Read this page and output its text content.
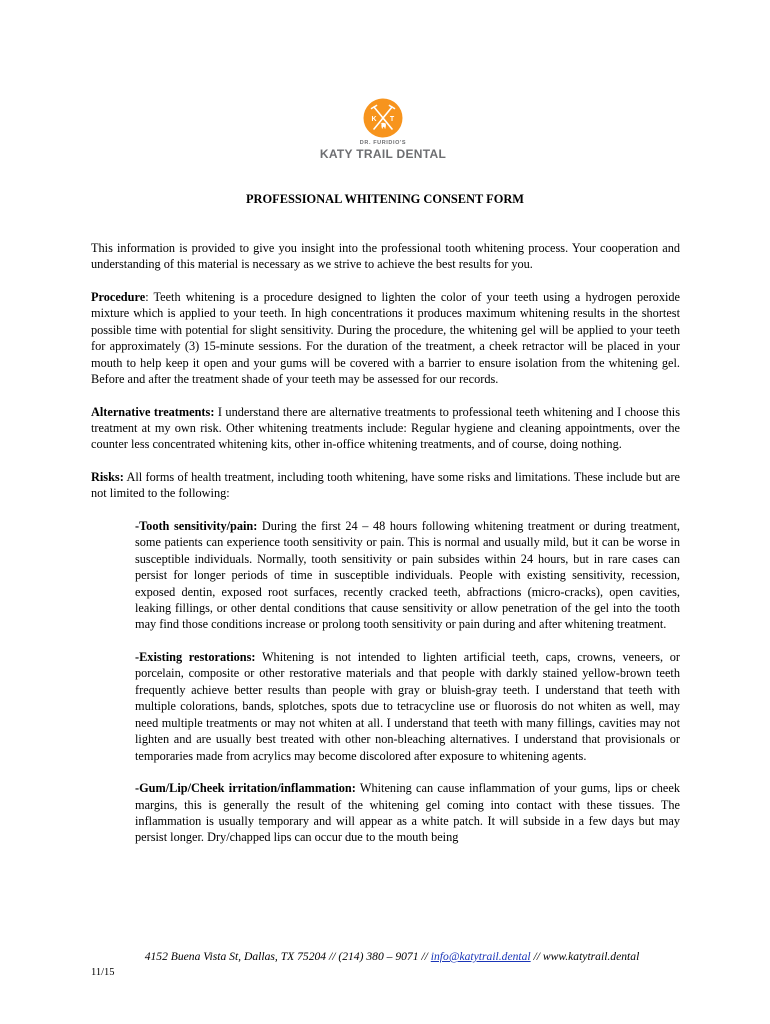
K T
DR. FURIDIO'S
KATY TRAIL DENTAL
PROFESSIONAL WHITENING CONSENT FORM

This information is provided to give you insight into the professional tooth whitening process. Your cooperation and understanding of this material is necessary as we strive to achieve the best results for you.

Procedure: Teeth whitening is a procedure designed to lighten the color of your teeth using a hydrogen peroxide mixture which is applied to your teeth. In high concentrations it produces maximum whitening results in the shortest possible time with potential for slight sensitivity. During the procedure, the whitening gel will be applied to your teeth for approximately (3) 15-minute sessions. For the duration of the treatment, a cheek retractor will be placed in your mouth to help keep it open and your gums will be covered with a barrier to ensure isolation from the whitening gel. Before and after the treatment shade of your teeth may be assessed for our records.

Alternative treatments: I understand there are alternative treatments to professional teeth whitening and I choose this treatment at my own risk. Other whitening treatments include: Regular hygiene and cleaning appointments, over the counter less concentrated whitening kits, other in-office whitening treatments, and of course, doing nothing.

Risks: All forms of health treatment, including tooth whitening, have some risks and limitations. These include but are not limited to the following:

-Tooth sensitivity/pain: During the first 24 – 48 hours following whitening treatment or during treatment, some patients can experience tooth sensitivity or pain. This is normal and usually mild, but it can be worse in susceptible individuals. Normally, tooth sensitivity or pain subsides within 24 hours, but in rare cases can persist for longer periods of time in susceptible individuals. People with existing sensitivity, recession, exposed dentin, exposed root surfaces, recently cracked teeth, abfractions (micro-cracks), open cavities, leaking fillings, or other dental conditions that cause sensitivity or allow penetration of the gel into the tooth may find those conditions increase or prolong tooth sensitivity or pain during and after whitening treatment.

-Existing restorations: Whitening is not intended to lighten artificial teeth, caps, crowns, veneers, or porcelain, composite or other restorative materials and that people with darkly stained yellow-brown teeth frequently achieve better results than people with gray or bluish-gray teeth. I understand that teeth with multiple colorations, bands, splotches, spots due to tetracycline use or fluorosis do not whiten as well, may need multiple treatments or may not whiten at all. I understand that teeth with many fillings, cavities may not lighten and are usually best treated with other non-bleaching alternatives. I understand that provisionals or temporaries made from acrylics may become discolored after exposure to whitening agents.

-Gum/Lip/Cheek irritation/inflammation: Whitening can cause inflammation of your gums, lips or cheek margins, this is generally the result of the whitening gel coming into contact with these tissues. The inflammation is usually temporary and will appear as a white patch. It will subside in a few days but may persist longer. Dry/chapped lips can occur due to the mouth being

4152 Buena Vista St, Dallas, TX 75204 // (214) 380 – 9071 // info@katytrail.dental // www.katytrail.dental
11/15
